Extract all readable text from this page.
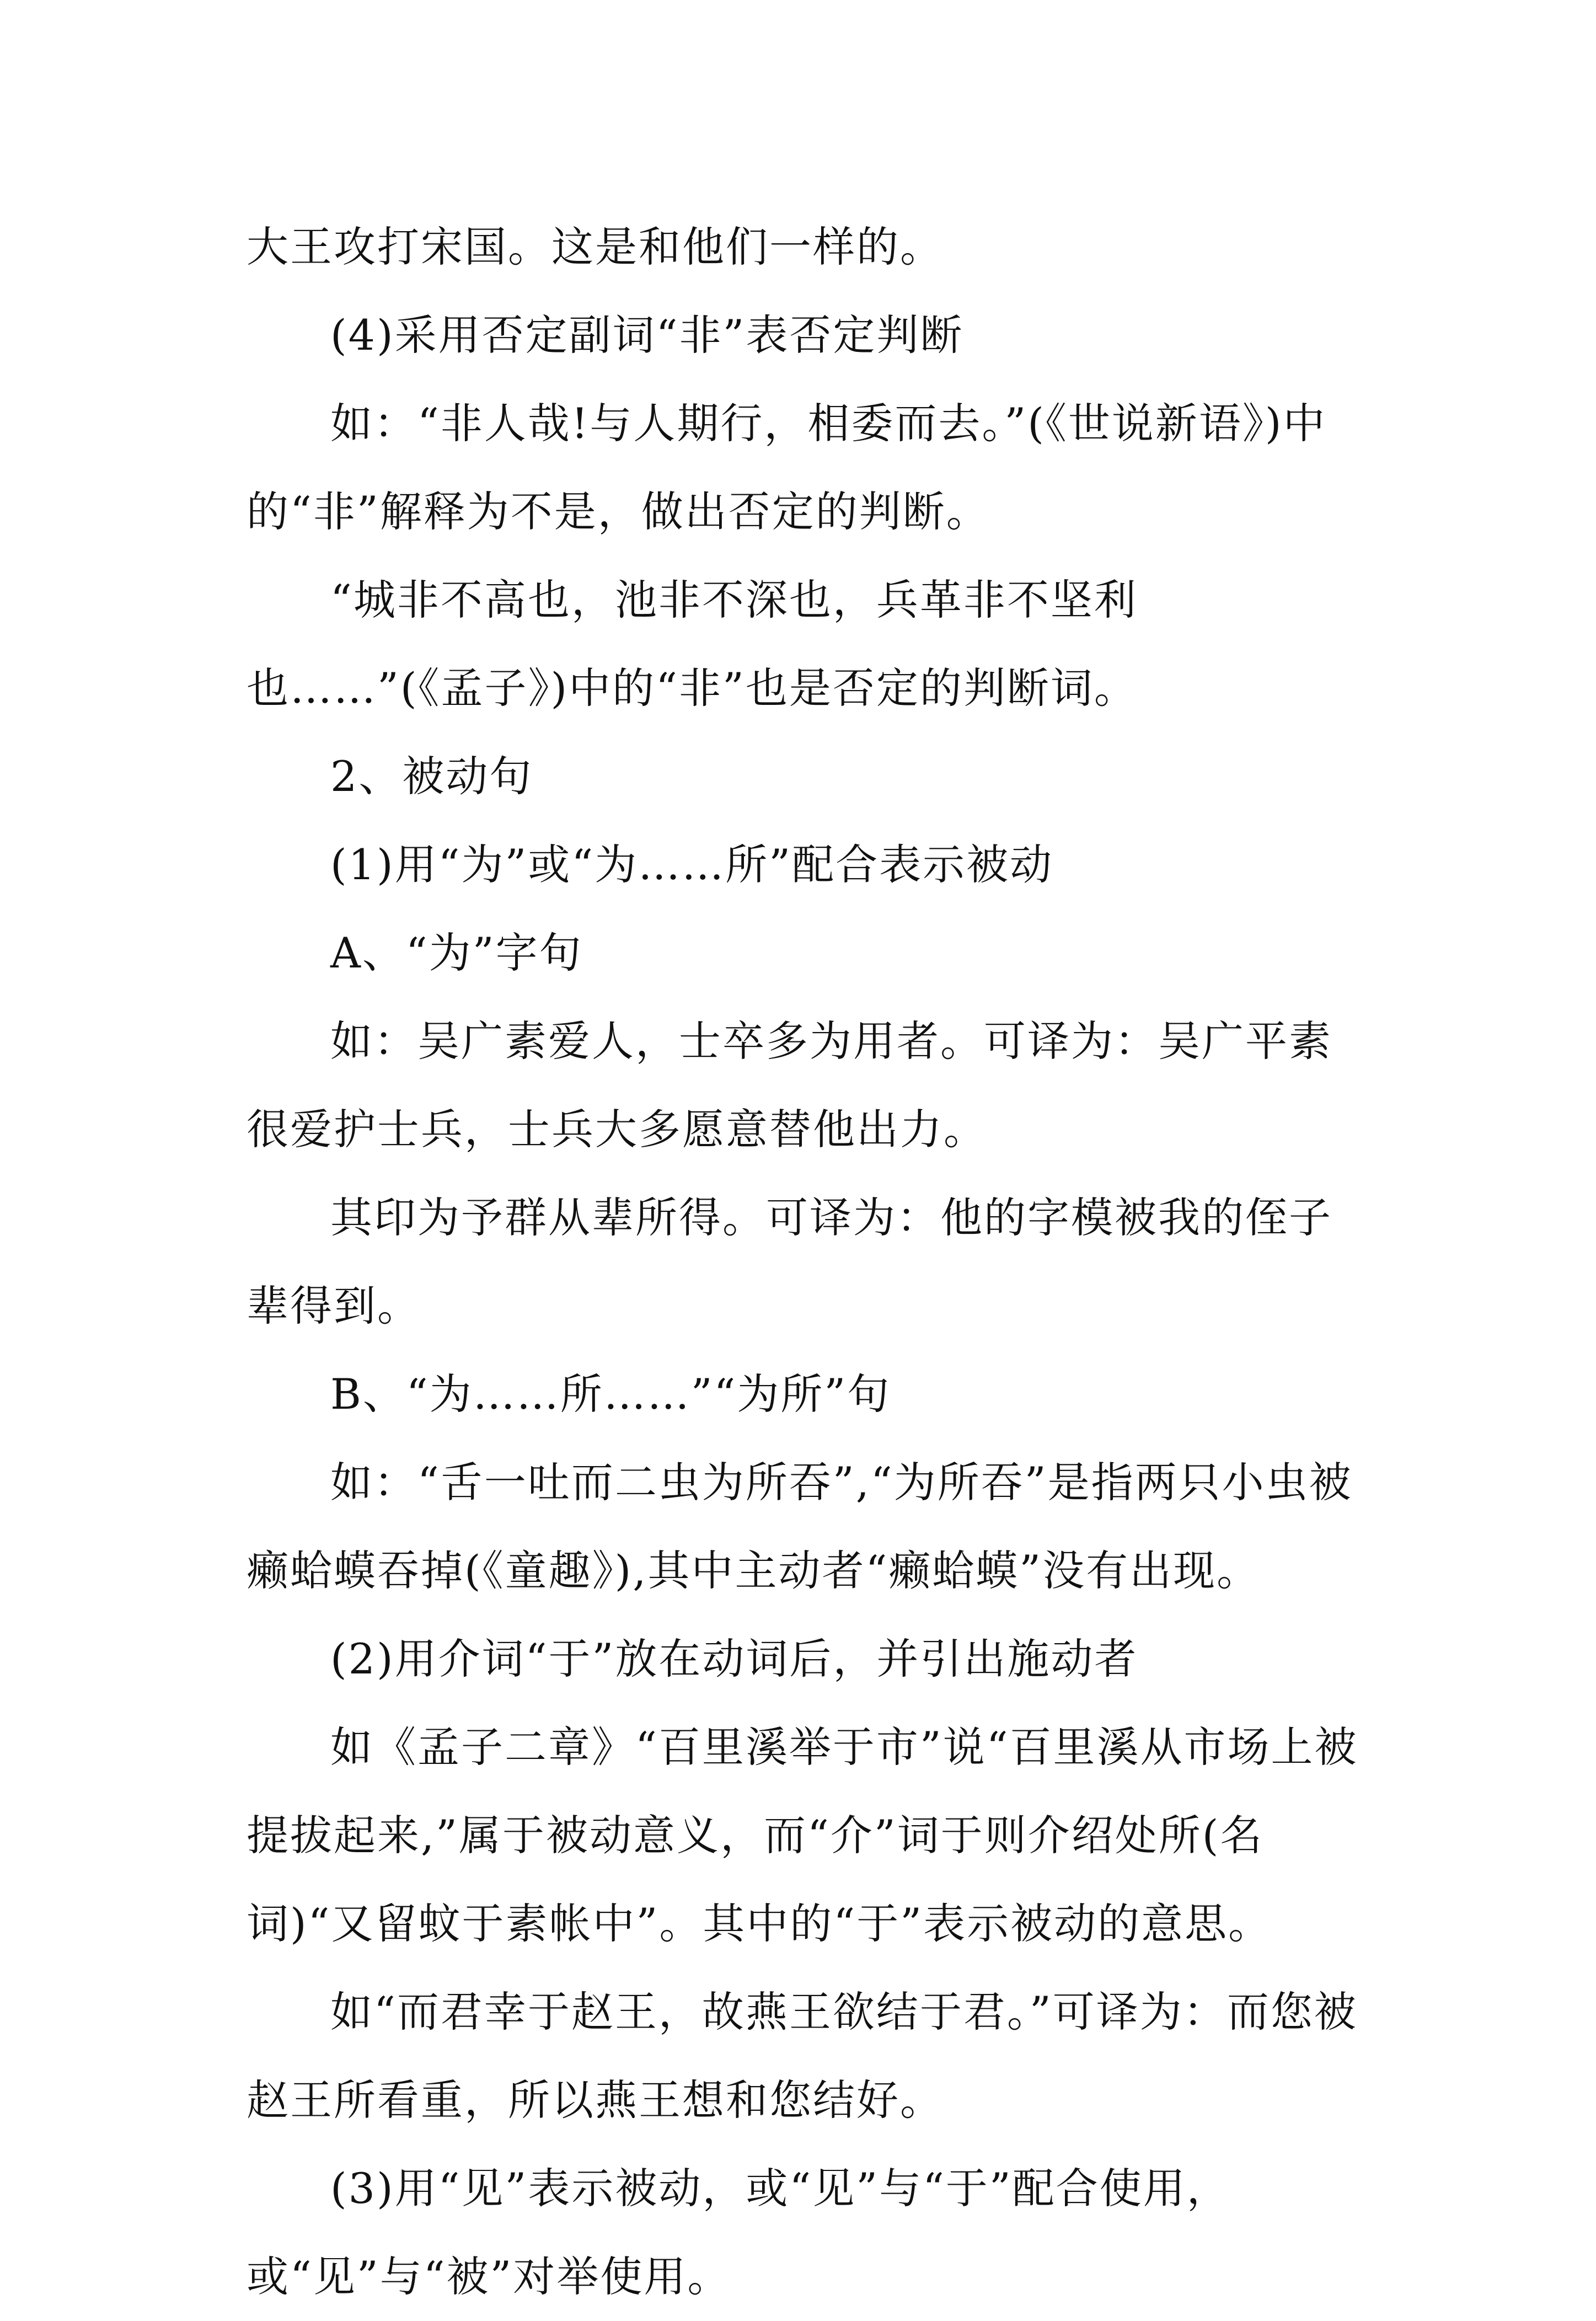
大王攻打宋国。这是和他们一样的。

(4)采用否定副词“非”表否定判断

如：“非人哉!与人期行，相委而去。”(《世说新语》)中的“非”解释为不是，做出否定的判断。

“城非不高也，池非不深也，兵革非不坚利也……”(《孟子》)中的“非”也是否定的判断词。

2、被动句

(1)用“为”或“为……所”配合表示被动

A、“为”字句

如：吴广素爱人，士卒多为用者。可译为：吴广平素很爱护士兵，士兵大多愿意替他出力。

其印为予群从辈所得。可译为：他的字模被我的侄子辈得到。

B、“为……所……”“为所”句

如：“舌一吐而二虫为所吞”,“为所吞”是指两只小虫被癞蛤蟆吞掉(《童趣》),其中主动者“癞蛤蟆”没有出现。

(2)用介词“于”放在动词后，并引出施动者

如《孟子二章》“百里溪举于市”说“百里溪从市场上被提拔起来,”属于被动意义，而“介”词于则介绍处所(名词)“又留蚊于素帐中”。其中的“于”表示被动的意思。

如“而君幸于赵王，故燕王欲结于君。”可译为：而您被赵王所看重，所以燕王想和您结好。

(3)用“见”表示被动，或“见”与“于”配合使用，或“见”与“被”对举使用。
